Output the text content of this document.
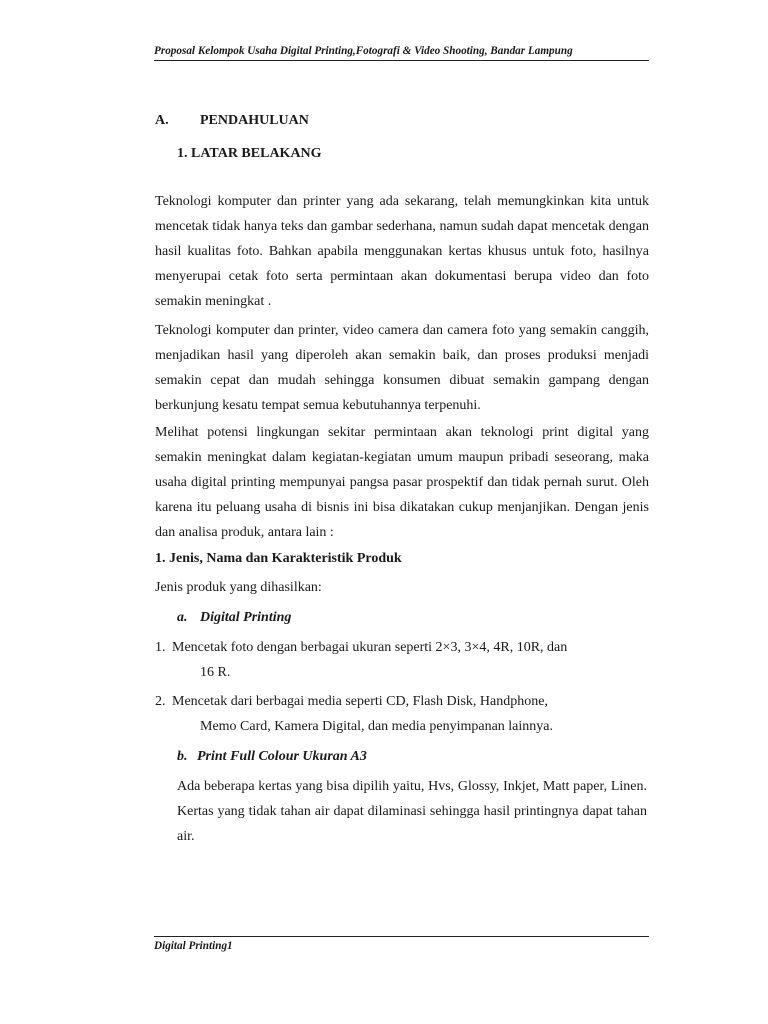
Proposal Kelompok Usaha Digital Printing,Fotografi & Video Shooting, Bandar Lampung
A. PENDAHULUAN
1. LATAR BELAKANG
Teknologi komputer dan printer yang ada sekarang, telah memungkinkan kita untuk mencetak tidak hanya teks dan gambar sederhana, namun sudah dapat mencetak dengan hasil kualitas foto. Bahkan apabila menggunakan kertas khusus untuk foto, hasilnya menyerupai cetak foto serta permintaan akan dokumentasi berupa video dan foto semakin meningkat .
Teknologi komputer dan printer, video camera dan camera foto yang semakin canggih, menjadikan hasil yang diperoleh akan semakin baik, dan proses produksi menjadi semakin cepat dan mudah sehingga konsumen dibuat semakin gampang dengan berkunjung kesatu tempat semua kebutuhannya terpenuhi.
Melihat potensi lingkungan sekitar permintaan akan teknologi print digital yang semakin meningkat dalam kegiatan-kegiatan umum maupun pribadi seseorang, maka usaha digital printing mempunyai pangsa pasar prospektif dan tidak pernah surut. Oleh karena itu peluang usaha di bisnis ini bisa dikatakan cukup menjanjikan. Dengan jenis dan analisa produk, antara lain :
1. Jenis, Nama dan Karakteristik Produk
Jenis produk yang dihasilkan:
a. Digital Printing
1. Mencetak foto dengan berbagai ukuran seperti 2×3, 3×4, 4R, 10R, dan
16 R.
2. Mencetak dari berbagai media seperti CD, Flash Disk, Handphone,
Memo Card, Kamera Digital, dan media penyimpanan lainnya.
b. Print Full Colour Ukuran A3
Ada beberapa kertas yang bisa dipilih yaitu, Hvs, Glossy, Inkjet, Matt paper, Linen. Kertas yang tidak tahan air dapat dilaminasi sehingga hasil printingnya dapat tahan air.
Digital Printing1
